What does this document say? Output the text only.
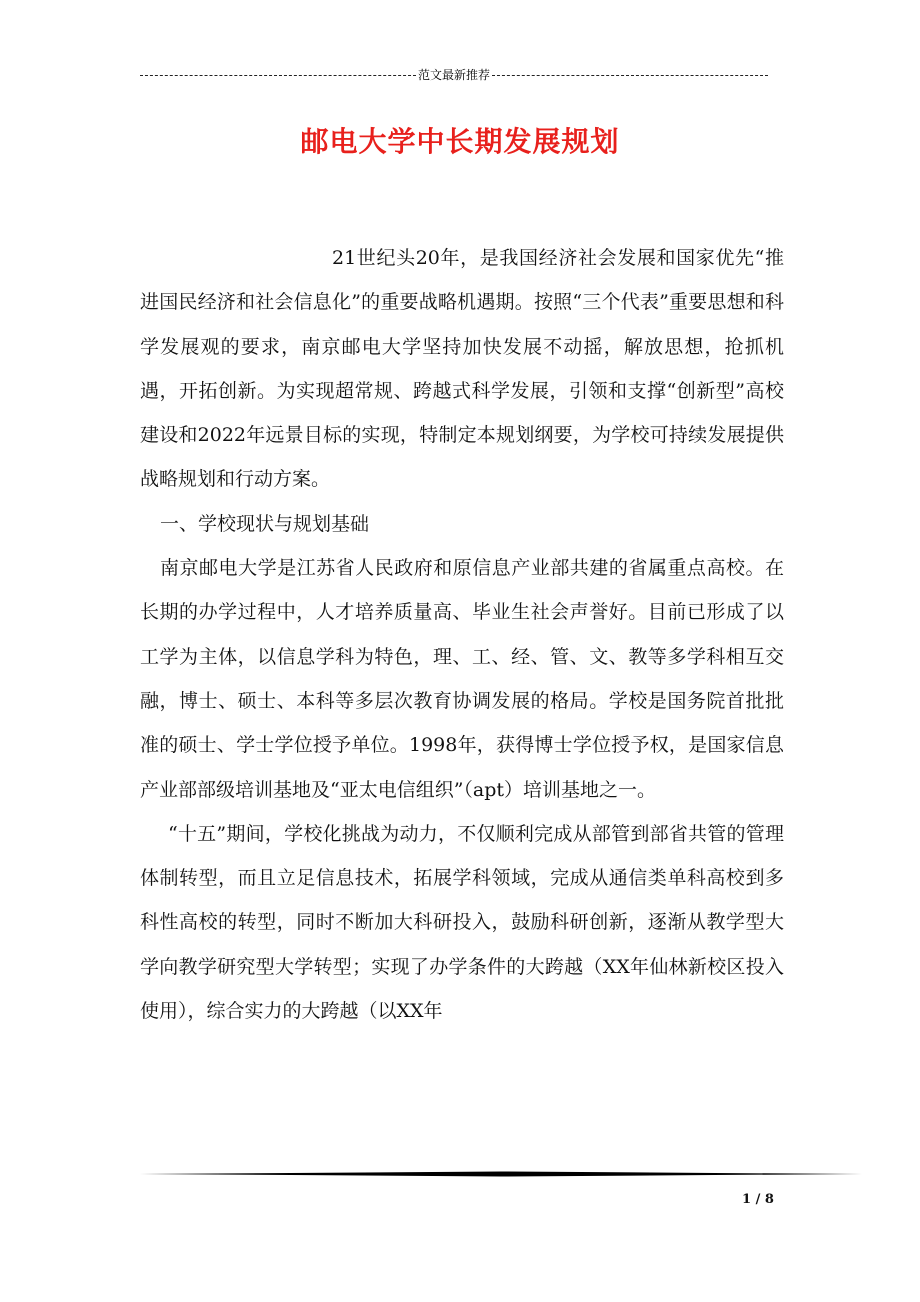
范文最新推荐
邮电大学中长期发展规划

21世纪头20年，是我国经济社会发展和国家优先“推进国民经济和社会信息化”的重要战略机遇期。按照“三个代表”重要思想和科学发展观的要求，南京邮电大学坚持加快发展不动摇，解放思想，抢抓机遇，开拓创新。为实现超常规、跨越式科学发展，引领和支撑“创新型”高校建设和2022年远景目标的实现，特制定本规划纲要，为学校可持续发展提供战略规划和行动方案。

一、学校现状与规划基础

南京邮电大学是江苏省人民政府和原信息产业部共建的省属重点高校。在长期的办学过程中，人才培养质量高、毕业生社会声誉好。目前已形成了以工学为主体，以信息学科为特色，理、工、经、管、文、教等多学科相互交融，博士、硕士、本科等多层次教育协调发展的格局。学校是国务院首批批准的硕士、学士学位授予单位。1998年，获得博士学位授予权，是国家信息产业部部级培训基地及“亚太电信组织”（apt）培训基地之一。

“十五”期间，学校化挑战为动力，不仅顺利完成从部管到部省共管的管理体制转型，而且立足信息技术，拓展学科领域，完成从通信类单科高校到多科性高校的转型，同时不断加大科研投入，鼓励科研创新，逐渐从教学型大学向教学研究型大学转型；实现了办学条件的大跨越（XX年仙林新校区投入使用），综合实力的大跨越（以XX年

1 / 8
